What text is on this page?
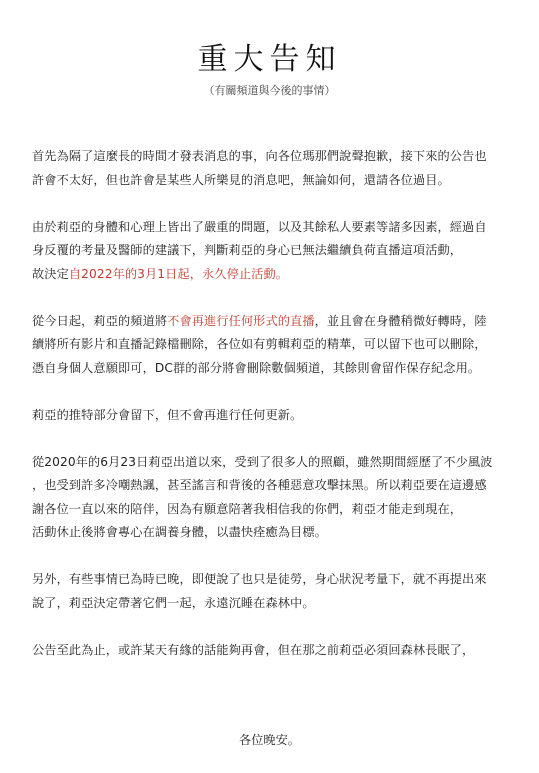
重大告知

（有關頻道與今後的事情）

首先為隔了這麼長的時間才發表消息的事，向各位瑪那們說聲抱歉，接下來的公告也
許會不太好，但也許會是某些人所樂見的消息吧，無論如何，還請各位過目。

由於莉亞的身體和心理上皆出了嚴重的問題，以及其餘私人要素等諸多因素，經過自
身反覆的考量及醫師的建議下，判斷莉亞的身心已無法繼續負荷直播這項活動，
故決定自2022年的3月1日起，永久停止活動。

從今日起，莉亞的頻道將不會再進行任何形式的直播，並且會在身體稍微好轉時，陸
續將所有影片和直播記錄檔刪除，各位如有剪輯莉亞的精華，可以留下也可以刪除，
憑自身個人意願即可，DC群的部分將會刪除數個頻道，其餘則會留作保存紀念用。

莉亞的推特部分會留下，但不會再進行任何更新。

從2020年的6月23日莉亞出道以來，受到了很多人的照顧，雖然期間經歷了不少風波
，也受到許多冷嘲熱諷，甚至謠言和背後的各種惡意攻擊抹黑。所以莉亞要在這邊感
謝各位一直以來的陪伴，因為有願意陪著我相信我的你們，莉亞才能走到現在，
活動休止後將會專心在調養身體，以盡快痊癒為目標。

另外，有些事情已為時已晚，即便說了也只是徒勞，身心狀況考量下，就不再提出來
說了，莉亞決定帶著它們一起，永遠沉睡在森林中。

公告至此為止，或許某天有緣的話能夠再會，但在那之前莉亞必須回森林長眠了，

各位晚安。
